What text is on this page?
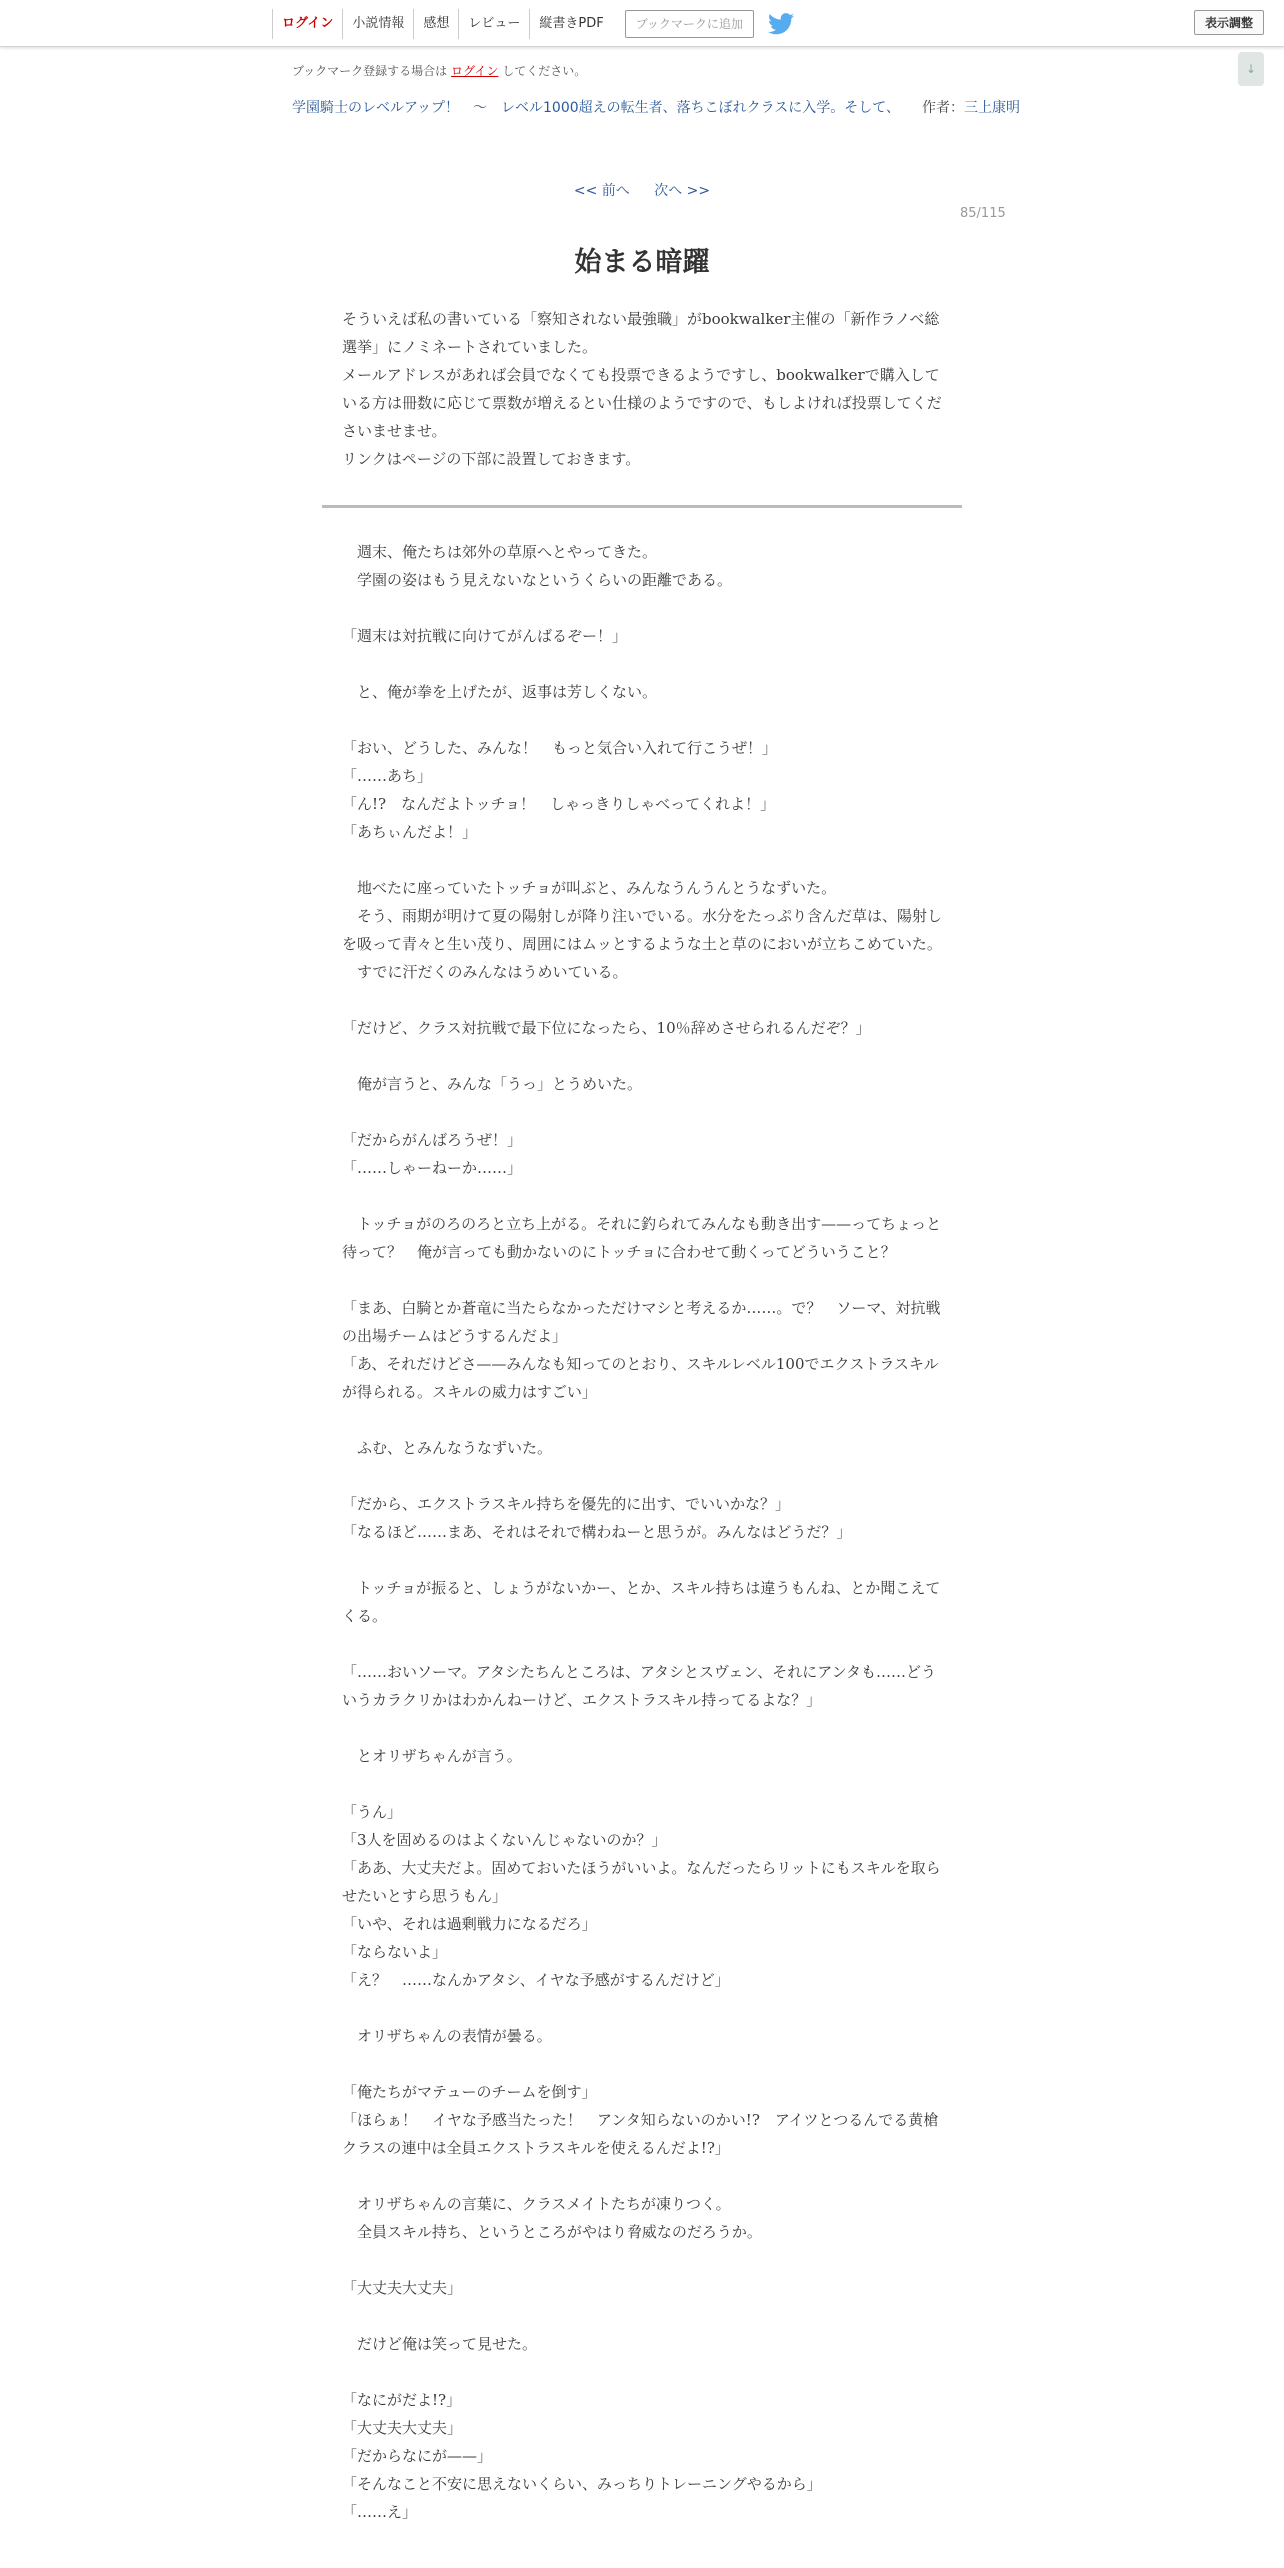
ログイン	小説情報	感想	レビュー	縦書きPDF	ブックマークに追加	表示調整
↓
ブックマーク登録する場合は ログイン してください。
学園騎士のレベルアップ！　〜　レベル1000超えの転生者、落ちこぼれクラスに入学。そして、	作者：三上康明
<< 前へ 次へ >>
85/115
始まる暗躍

そういえば私の書いている「察知されない最強職」がbookwalker主催の「新作ラノベ総選挙」にノミネートされていました。

メールアドレスがあれば会員でなくても投票できるようですし、bookwalkerで購入している方は冊数に応じて票数が増えるとい仕様のようですので、もしよければ投票してくださいませませ。

リンクはページの下部に設置しておきます。

　週末、俺たちは郊外の草原へとやってきた。

　学園の姿はもう見えないなというくらいの距離である。

「週末は対抗戦に向けてがんばるぞー！」

　と、俺が拳を上げたが、返事は芳しくない。

「おい、どうした、みんな！　もっと気合い入れて行こうぜ！」

「……あち」

「ん!?　なんだよトッチョ！　しゃっきりしゃべってくれよ！」

「あちぃんだよ！」

　地べたに座っていたトッチョが叫ぶと、みんなうんうんとうなずいた。

　そう、雨期が明けて夏の陽射しが降り注いでいる。水分をたっぷり含んだ草は、陽射しを吸って青々と生い茂り、周囲にはムッとするような土と草のにおいが立ちこめていた。

　すでに汗だくのみんなはうめいている。

「だけど、クラス対抗戦で最下位になったら、10％辞めさせられるんだぞ？」

　俺が言うと、みんな「うっ」とうめいた。

「だからがんばろうぜ！」

「……しゃーねーか……」

　トッチョがのろのろと立ち上がる。それに釣られてみんなも動き出す——ってちょっと待って？　俺が言っても動かないのにトッチョに合わせて動くってどういうこと？

「まあ、白騎とか蒼竜に当たらなかっただけマシと考えるか……。で？　ソーマ、対抗戦の出場チームはどうするんだよ」

「あ、それだけどさ——みんなも知ってのとおり、スキルレベル100でエクストラスキルが得られる。スキルの威力はすごい」

　ふむ、とみんなうなずいた。

「だから、エクストラスキル持ちを優先的に出す、でいいかな？」

「なるほど……まあ、それはそれで構わねーと思うが。みんなはどうだ？」

　トッチョが振ると、しょうがないかー、とか、スキル持ちは違うもんね、とか聞こえてくる。

「……おいソーマ。アタシたちんところは、アタシとスヴェン、それにアンタも……どういうカラクリかはわかんねーけど、エクストラスキル持ってるよな？」

　とオリザちゃんが言う。

「うん」

「3人を固めるのはよくないんじゃないのか？」

「ああ、大丈夫だよ。固めておいたほうがいいよ。なんだったらリットにもスキルを取らせたいとすら思うもん」

「いや、それは過剰戦力になるだろ」

「ならないよ」

「え？　……なんかアタシ、イヤな予感がするんだけど」

　オリザちゃんの表情が曇る。

「俺たちがマテューのチームを倒す」

「ほらぁ！　イヤな予感当たった！　アンタ知らないのかい!?　アイツとつるんでる黄槍クラスの連中は全員エクストラスキルを使えるんだよ!?」

　オリザちゃんの言葉に、クラスメイトたちが凍りつく。

　全員スキル持ち、というところがやはり脅威なのだろうか。

「大丈夫大丈夫」

　だけど俺は笑って見せた。

「なにがだよ!?」

「大丈夫大丈夫」

「だからなにが——」

「そんなこと不安に思えないくらい、みっちりトレーニングやるから」

「……え」
